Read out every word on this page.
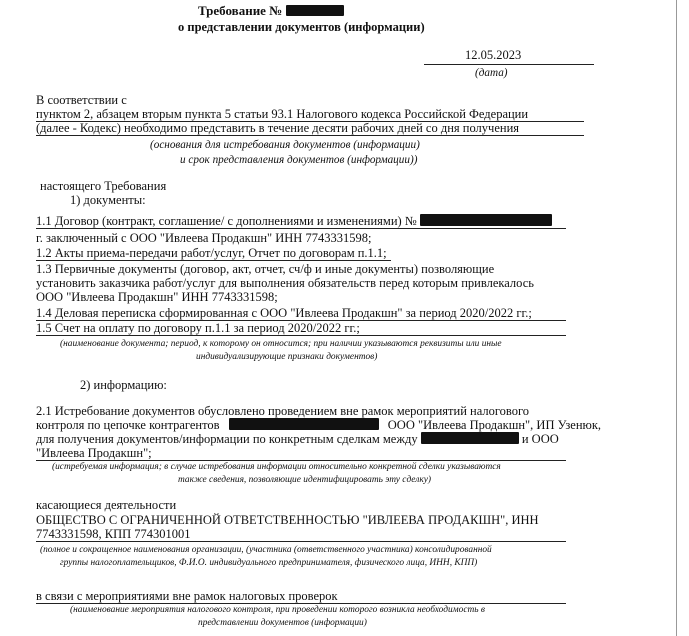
Требование №
о представлении документов (информации)
12.05.2023
(дата)
В соответствии с
пунктом 2, абзацем вторым пункта 5 статьи 93.1 Налогового кодекса Российской Федерации
(далее - Кодекс) необходимо представить в течение десяти рабочих дней со дня получения
(основания для истребования документов (информации)
и срок представления документов (информации))
настоящего Требования
1) документы:
1.1 Договор (контракт, соглашение/ с дополнениями и изменениями) №
г. заключенный с ООО "Ивлеева Продакшн" ИНН 7743331598;
1.2 Акты приема-передачи работ/услуг, Отчет по договорам п.1.1;
1.3 Первичные документы (договор, акт, отчет, сч/ф и иные документы) позволяющие
установить заказчика работ/услуг для выполнения обязательств перед которым привлекалось
ООО "Ивлеева Продакшн" ИНН 7743331598;
1.4 Деловая переписка сформированная с ООО "Ивлеева Продакшн" за период 2020/2022 гг.;
1.5 Счет на оплату по договору п.1.1 за период 2020/2022 гг.;
(наименование документа; период, к которому он относится; при наличии указываются реквизиты или иные
индивидуализирующие признаки документов)
2) информацию:
2.1 Истребование документов обусловлено проведением вне рамок мероприятий налогового
контроля по цепочке контрагентов	ООО "Ивлеева Продакшн", ИП Узенюк,
для получения документов/информации по конкретным сделкам между	и ООО
"Ивлеева Продакшн";
(истребуемая информация; в случае истребования информации относительно конкретной сделки указываются
также сведения, позволяющие идентифицировать эту сделку)
касающиеся деятельности
ОБЩЕСТВО С ОГРАНИЧЕННОЙ ОТВЕТСТВЕННОСТЬЮ "ИВЛЕЕВА ПРОДАКШН", ИНН
7743331598, КПП 774301001
(полное и сокращенное наименования организации, (участника (ответственного участника) консолидированной
группы налогоплательщиков, Ф.И.О. индивидуального предпринимателя, физического лица, ИНН, КПП)
в связи с мероприятиями вне рамок налоговых проверок
(наименование мероприятия налогового контроля, при проведении которого возникла необходимость в
представлении документов (информации)
